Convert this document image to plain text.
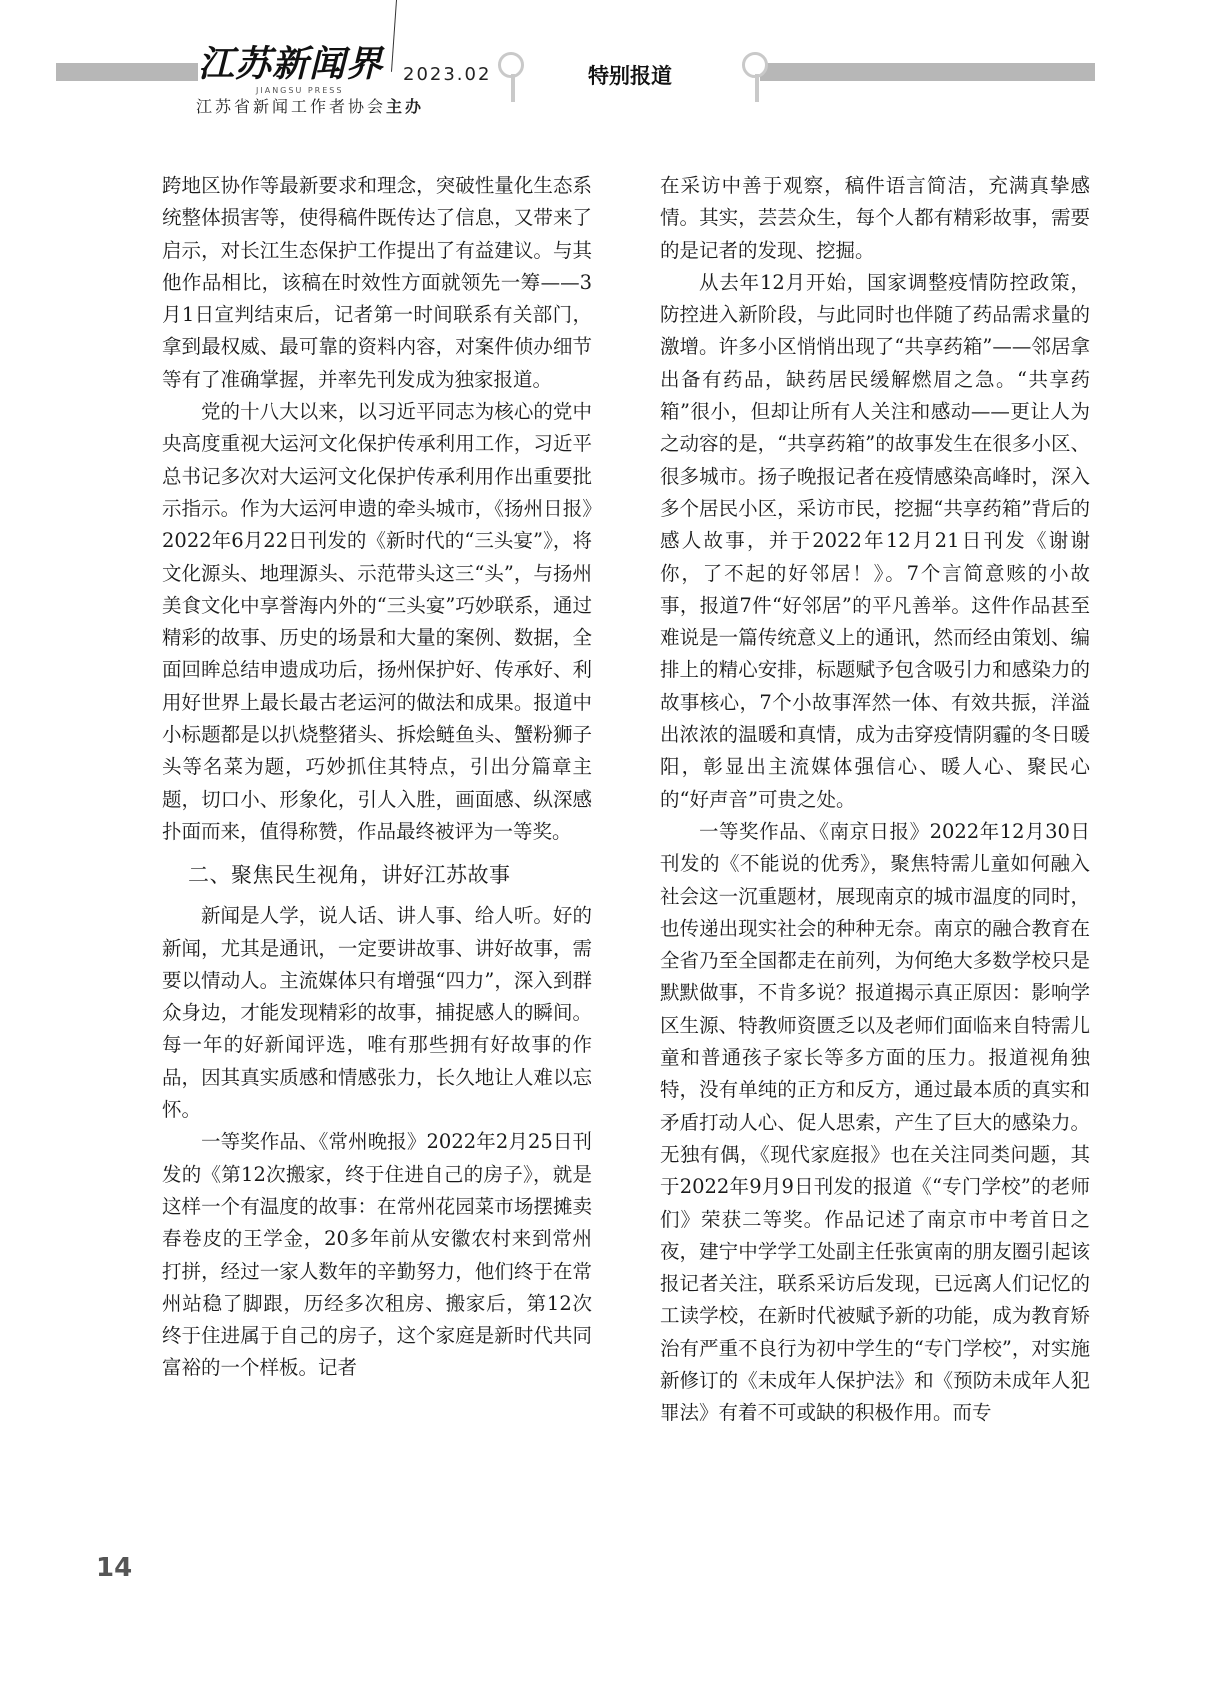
江苏新闻界
JIANGSU PRESS
2023.02	特别报道
江苏省新闻工作者协会主办

跨地区协作等最新要求和理念，突破性量化生态系统整体损害等，使得稿件既传达了信息，又带来了启示，对长江生态保护工作提出了有益建议。与其他作品相比，该稿在时效性方面就领先一筹——3月1日宣判结束后，记者第一时间联系有关部门，拿到最权威、最可靠的资料内容，对案件侦办细节等有了准确掌握，并率先刊发成为独家报道。

党的十八大以来，以习近平同志为核心的党中央高度重视大运河文化保护传承利用工作，习近平总书记多次对大运河文化保护传承利用作出重要批示指示。作为大运河申遗的牵头城市，《扬州日报》2022年6月22日刊发的《新时代的“三头宴”》，将文化源头、地理源头、示范带头这三“头”，与扬州美食文化中享誉海内外的“三头宴”巧妙联系，通过精彩的故事、历史的场景和大量的案例、数据，全面回眸总结申遗成功后，扬州保护好、传承好、利用好世界上最长最古老运河的做法和成果。报道中小标题都是以扒烧整猪头、拆烩鲢鱼头、蟹粉狮子头等名菜为题，巧妙抓住其特点，引出分篇章主题，切口小、形象化，引人入胜，画面感、纵深感扑面而来，值得称赞，作品最终被评为一等奖。

二、聚焦民生视角，讲好江苏故事

新闻是人学，说人话、讲人事、给人听。好的新闻，尤其是通讯，一定要讲故事、讲好故事，需要以情动人。主流媒体只有增强“四力”，深入到群众身边，才能发现精彩的故事，捕捉感人的瞬间。每一年的好新闻评选，唯有那些拥有好故事的作品，因其真实质感和情感张力，长久地让人难以忘怀。

一等奖作品、《常州晚报》2022年2月25日刊发的《第12次搬家，终于住进自己的房子》，就是这样一个有温度的故事：在常州花园菜市场摆摊卖春卷皮的王学金，20多年前从安徽农村来到常州打拼，经过一家人数年的辛勤努力，他们终于在常州站稳了脚跟，历经多次租房、搬家后，第12次终于住进属于自己的房子，这个家庭是新时代共同富裕的一个样板。记者

在采访中善于观察，稿件语言简洁，充满真挚感情。其实，芸芸众生，每个人都有精彩故事，需要的是记者的发现、挖掘。

从去年12月开始，国家调整疫情防控政策，防控进入新阶段，与此同时也伴随了药品需求量的激增。许多小区悄悄出现了“共享药箱”——邻居拿出备有药品，缺药居民缓解燃眉之急。“共享药箱”很小，但却让所有人关注和感动——更让人为之动容的是，“共享药箱”的故事发生在很多小区、很多城市。扬子晚报记者在疫情感染高峰时，深入多个居民小区，采访市民，挖掘“共享药箱”背后的感人故事，并于2022年12月21日刊发《谢谢你，了不起的好邻居！》。7个言简意赅的小故事，报道7件“好邻居”的平凡善举。这件作品甚至难说是一篇传统意义上的通讯，然而经由策划、编排上的精心安排，标题赋予包含吸引力和感染力的故事核心，7个小故事浑然一体、有效共振，洋溢出浓浓的温暖和真情，成为击穿疫情阴霾的冬日暖阳，彰显出主流媒体强信心、暖人心、聚民心的“好声音”可贵之处。

一等奖作品、《南京日报》2022年12月30日刊发的《不能说的优秀》，聚焦特需儿童如何融入社会这一沉重题材，展现南京的城市温度的同时，也传递出现实社会的种种无奈。南京的融合教育在全省乃至全国都走在前列，为何绝大多数学校只是默默做事，不肯多说？报道揭示真正原因：影响学区生源、特教师资匮乏以及老师们面临来自特需儿童和普通孩子家长等多方面的压力。报道视角独特，没有单纯的正方和反方，通过最本质的真实和矛盾打动人心、促人思索，产生了巨大的感染力。无独有偶，《现代家庭报》也在关注同类问题，其于2022年9月9日刊发的报道《“专门学校”的老师们》荣获二等奖。作品记述了南京市中考首日之夜，建宁中学学工处副主任张寅南的朋友圈引起该报记者关注，联系采访后发现，已远离人们记忆的工读学校，在新时代被赋予新的功能，成为教育矫治有严重不良行为初中学生的“专门学校”，对实施新修订的《未成年人保护法》和《预防未成年人犯罪法》有着不可或缺的积极作用。而专

14
